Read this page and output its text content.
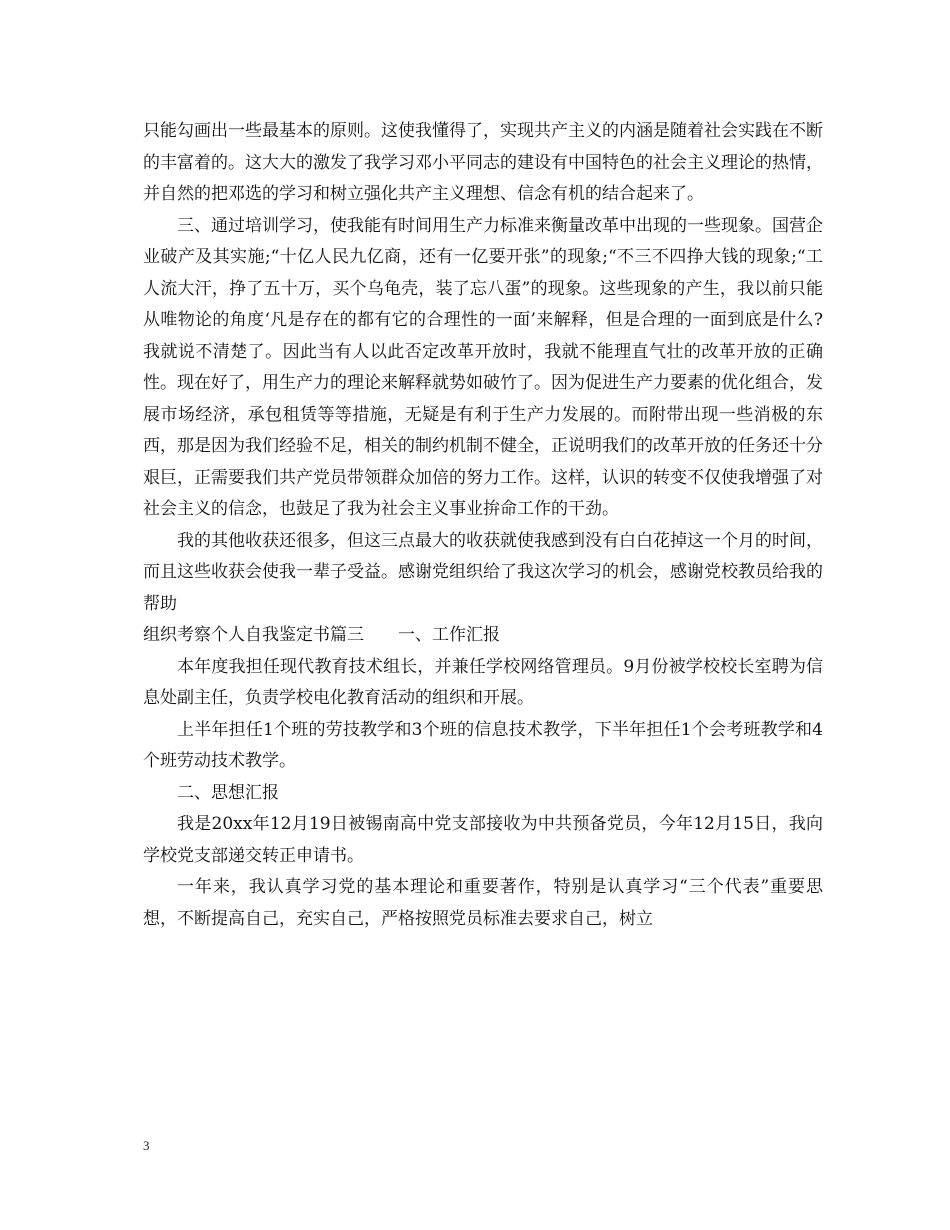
只能勾画出一些最基本的原则。这使我懂得了，实现共产主义的内涵是随着社会实践在不断的丰富着的。这大大的激发了我学习邓小平同志的建设有中国特色的社会主义理论的热情，并自然的把邓选的学习和树立强化共产主义理想、信念有机的结合起来了。

三、通过培训学习，使我能有时间用生产力标准来衡量改革中出现的一些现象。国营企业破产及其实施;“十亿人民九亿商，还有一亿要开张”的现象;“不三不四挣大钱的现象;“工人流大汗，挣了五十万，买个乌龟壳，装了忘八蛋”的现象。这些现象的产生，我以前只能从唯物论的角度‘凡是存在的都有它的合理性的一面’来解释，但是合理的一面到底是什么?我就说不清楚了。因此当有人以此否定改革开放时，我就不能理直气壮的改革开放的正确性。现在好了，用生产力的理论来解释就势如破竹了。因为促进生产力要素的优化组合，发展市场经济，承包租赁等等措施，无疑是有利于生产力发展的。而附带出现一些消极的东西，那是因为我们经验不足，相关的制约机制不健全，正说明我们的改革开放的任务还十分艰巨，正需要我们共产党员带领群众加倍的努力工作。这样，认识的转变不仅使我增强了对社会主义的信念，也鼓足了我为社会主义事业拚命工作的干劲。

我的其他收获还很多，但这三点最大的收获就使我感到没有白白花掉这一个月的时间，而且这些收获会使我一辈子受益。感谢党组织给了我这次学习的机会，感谢党校教员给我的帮助

组织考察个人自我鉴定书篇三　　一、工作汇报

本年度我担任现代教育技术组长，并兼任学校网络管理员。9月份被学校校长室聘为信息处副主任，负责学校电化教育活动的组织和开展。

上半年担任1个班的劳技教学和3个班的信息技术教学，下半年担任1个会考班教学和4个班劳动技术教学。

二、思想汇报

我是20xx年12月19日被锡南高中党支部接收为中共预备党员，今年12月15日，我向学校党支部递交转正申请书。

一年来，我认真学习党的基本理论和重要著作，特别是认真学习“三个代表”重要思想，不断提高自己，充实自己，严格按照党员标准去要求自己，树立

3
